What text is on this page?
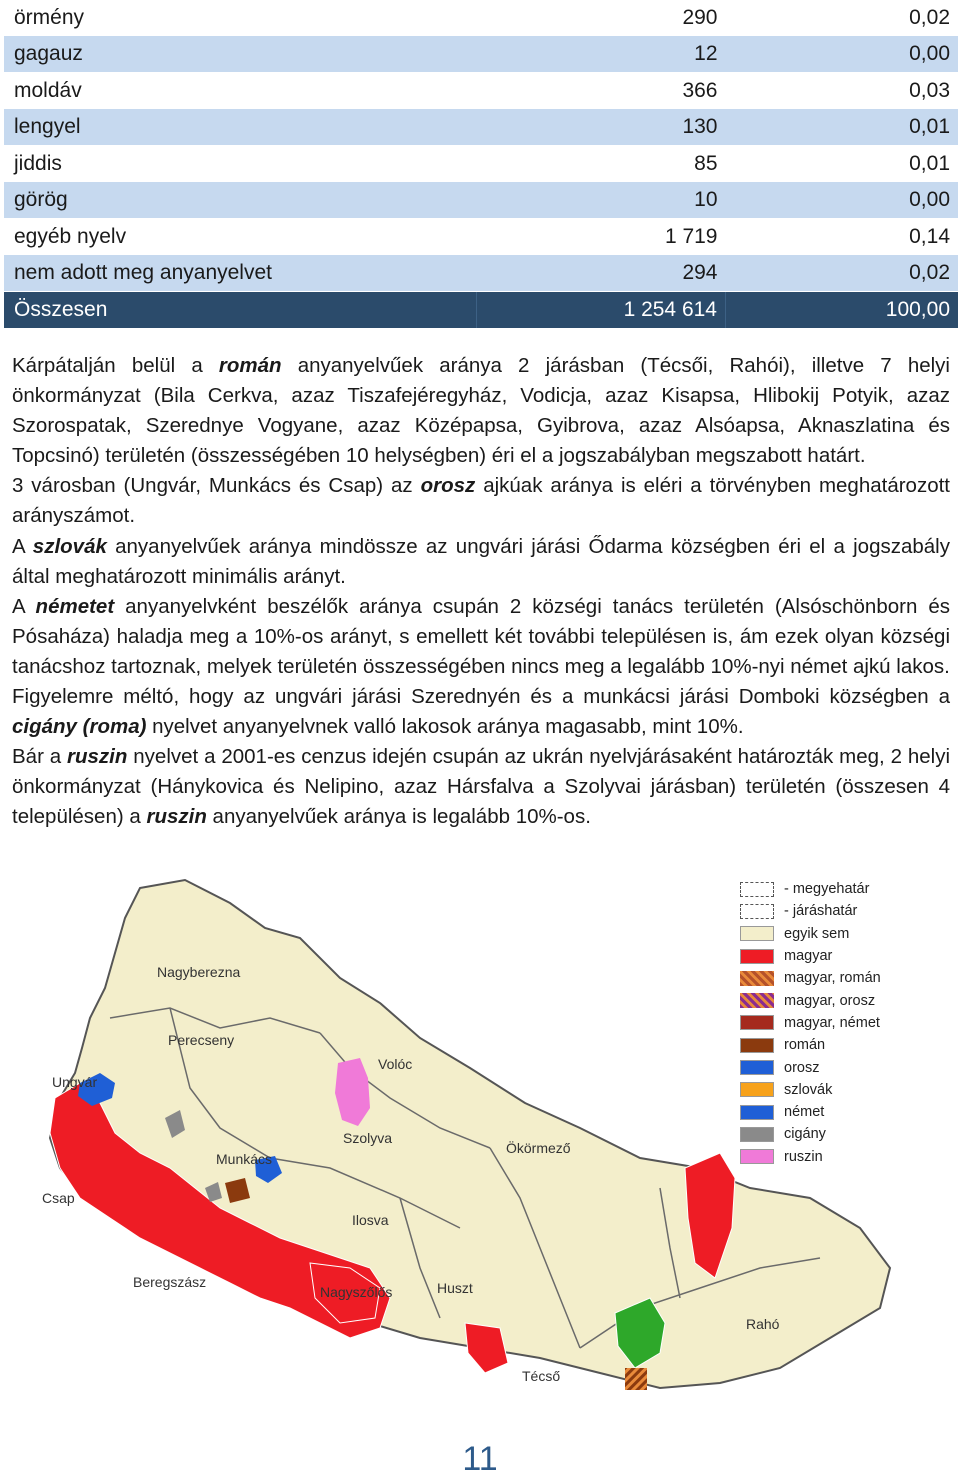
örmény	290	0,02
gagauz	12	0,00
moldáv	366	0,03
lengyel	130	0,01
jiddis	85	0,01
görög	10	0,00
egyéb nyelv	1 719	0,14
nem adott meg anyanyelvet	294	0,02
Összesen	1 254 614	100,00

Kárpátalján belül a román anyanyelvűek aránya 2 járásban (Técsői, Rahói), illetve 7 helyi önkormányzat (Bila Cerkva, azaz Tiszafejéregyház, Vodicja, azaz Kisapsa, Hlibokij Potyik, azaz Szorospatak, Szerednye Vogyane, azaz Középapsa, Gyibrova, azaz Alsóapsa, Aknaszlatina és Topcsinó) területén (összességében 10 helységben) éri el a jogszabályban megszabott határt.

3 városban (Ungvár, Munkács és Csap) az orosz ajkúak aránya is eléri a törvényben meghatározott arányszámot.

A szlovák anyanyelvűek aránya mindössze az ungvári járási Ődarma községben éri el a jogszabály által meghatározott minimális arányt.

A németet anyanyelvként beszélők aránya csupán 2 községi tanács területén (Alsóschönborn és Pósaháza) haladja meg a 10%-os arányt, s emellett két további településen is, ám ezek olyan községi tanácshoz tartoznak, melyek területén összességében nincs meg a legalább 10%-nyi német ajkú lakos.

Figyelemre méltó, hogy az ungvári járási Szerednyén és a munkácsi járási Domboki községben a cigány (roma) nyelvet anyanyelvnek valló lakosok aránya magasabb, mint 10%.

Bár a ruszin nyelvet a 2001-es cenzus idején csupán az ukrán nyelvjárásaként határozták meg, 2 helyi önkormányzat (Hánykovica és Nelipino, azaz Hársfalva a Szolyvai járásban) területén (összesen 4 településen) a ruszin anyanyelvűek aránya is legalább 10%-os.

Nagyberezna
Perecseny
Ungvár
Volóc
Szolyva
Munkács
Ökörmező
Csap
Ilosva
Beregszász
Nagyszőlős	Huszt
Rahó
Técső
- megyehatár
- járáshatár
egyik sem
magyar
magyar, román
magyar, orosz
magyar, német
román
orosz
szlovák
német
cigány
ruszin
11
